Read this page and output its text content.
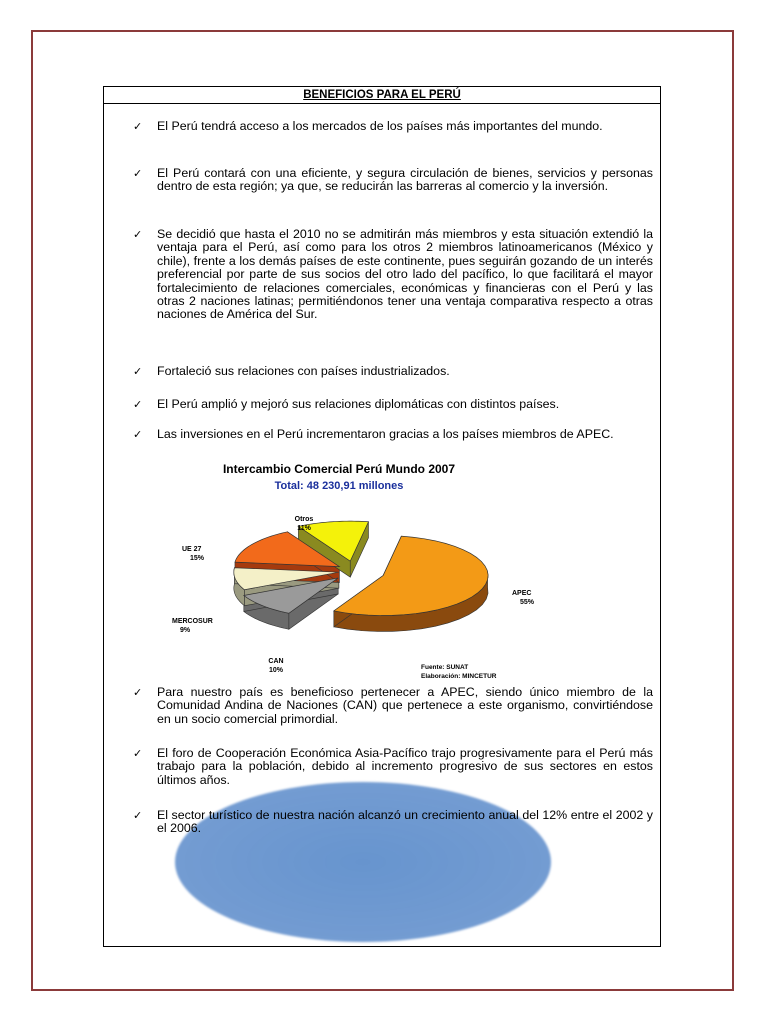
BENEFICIOS PARA EL PERÚ
✓ El Perú tendrá acceso a los mercados de los países más importantes del mundo.
✓ El Perú contará con una eficiente, y segura circulación de bienes, servicios y personas dentro de esta región; ya que, se reducirán las barreras al comercio y la inversión.
✓ Se decidió que hasta el 2010 no se admitirán más miembros y esta situación extendió la ventaja para el Perú, así como para los otros 2 miembros latinoamericanos (México y chile), frente a los demás países de este continente, pues seguirán gozando de un interés preferencial por parte de sus socios del otro lado del pacífico, lo que facilitará el mayor fortalecimiento de relaciones comerciales, económicas y financieras con el Perú y las otras 2 naciones latinas; permitiéndonos tener una ventaja comparativa respecto a otras naciones de América del Sur.
✓ Fortaleció sus relaciones con países industrializados.
✓ El Perú amplió y mejoró sus relaciones diplomáticas con distintos países.
✓ Las inversiones en el Perú incrementaron gracias a los países miembros de APEC.
Intercambio Comercial Perú Mundo 2007
Total: 48 230,91 millones
APEC
55%
CAN
10%
MERCOSUR
9%
UE 27
15%
Otros
11%
Fuente: SUNAT
Elaboración: MINCETUR
✓ Para nuestro país es beneficioso pertenecer a APEC, siendo único miembro de la Comunidad Andina de Naciones (CAN) que pertenece a este organismo, convirtiéndose en un socio comercial primordial.
✓ El foro de Cooperación Económica Asia-Pacífico trajo progresivamente para el Perú más trabajo para la población, debido al incremento progresivo de sus sectores en estos últimos años.
✓ El sector turístico de nuestra nación alcanzó un crecimiento anual del 12% entre el 2002 y el 2006.
